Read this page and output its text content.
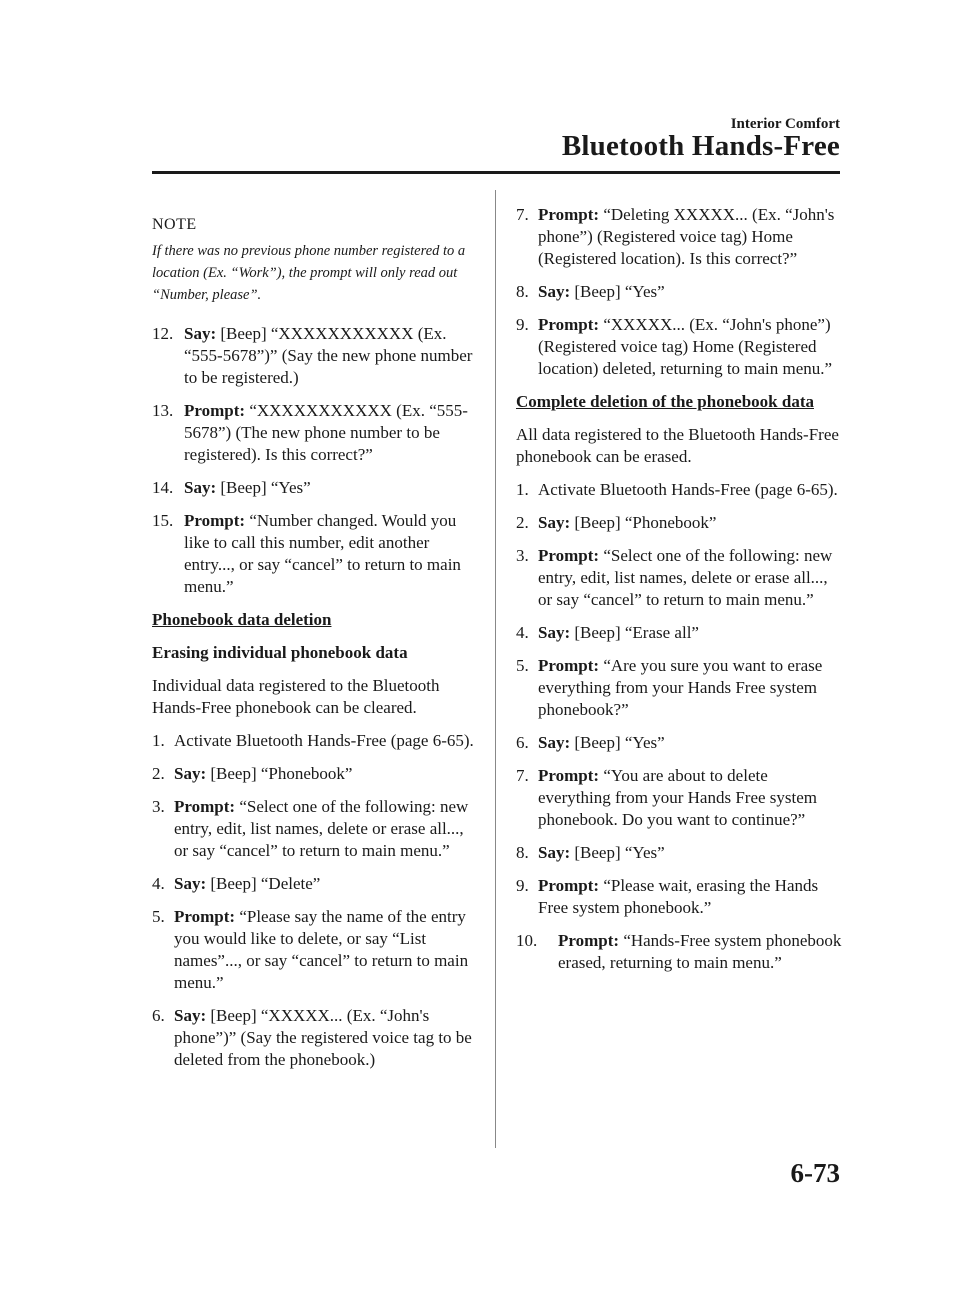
Interior Comfort
Bluetooth Hands-Free
NOTE
If there was no previous phone number registered to a location (Ex. “Work”), the prompt will only read out “Number, please”.
12. Say: [Beep] “XXXXXXXXXXX (Ex. “555-5678”)” (Say the new phone number to be registered.)
13. Prompt: “XXXXXXXXXXX (Ex. “555-5678”) (The new phone number to be registered). Is this correct?”
14. Say: [Beep] “Yes”
15. Prompt: “Number changed. Would you like to call this number, edit another entry..., or say “cancel” to return to main menu.”
Phonebook data deletion
Erasing individual phonebook data
Individual data registered to the Bluetooth Hands-Free phonebook can be cleared.
1. Activate Bluetooth Hands-Free (page 6-65).
2. Say: [Beep] “Phonebook”
3. Prompt: “Select one of the following: new entry, edit, list names, delete or erase all..., or say “cancel” to return to main menu.”
4. Say: [Beep] “Delete”
5. Prompt: “Please say the name of the entry you would like to delete, or say “List names”..., or say “cancel” to return to main menu.”
6. Say: [Beep] “XXXXX... (Ex. “John's phone”)” (Say the registered voice tag to be deleted from the phonebook.)
7. Prompt: “Deleting XXXXX... (Ex. “John's phone”) (Registered voice tag) Home (Registered location). Is this correct?”
8. Say: [Beep] “Yes”
9. Prompt: “XXXXX... (Ex. “John's phone”) (Registered voice tag) Home (Registered location) deleted, returning to main menu.”
Complete deletion of the phonebook data
All data registered to the Bluetooth Hands-Free phonebook can be erased.
1. Activate Bluetooth Hands-Free (page 6-65).
2. Say: [Beep] “Phonebook”
3. Prompt: “Select one of the following: new entry, edit, list names, delete or erase all..., or say “cancel” to return to main menu.”
4. Say: [Beep] “Erase all”
5. Prompt: “Are you sure you want to erase everything from your Hands Free system phonebook?”
6. Say: [Beep] “Yes”
7. Prompt: “You are about to delete everything from your Hands Free system phonebook. Do you want to continue?”
8. Say: [Beep] “Yes”
9. Prompt: “Please wait, erasing the Hands Free system phonebook.”
10.	Prompt: “Hands-Free system phonebook erased, returning to main menu.”
6-73
